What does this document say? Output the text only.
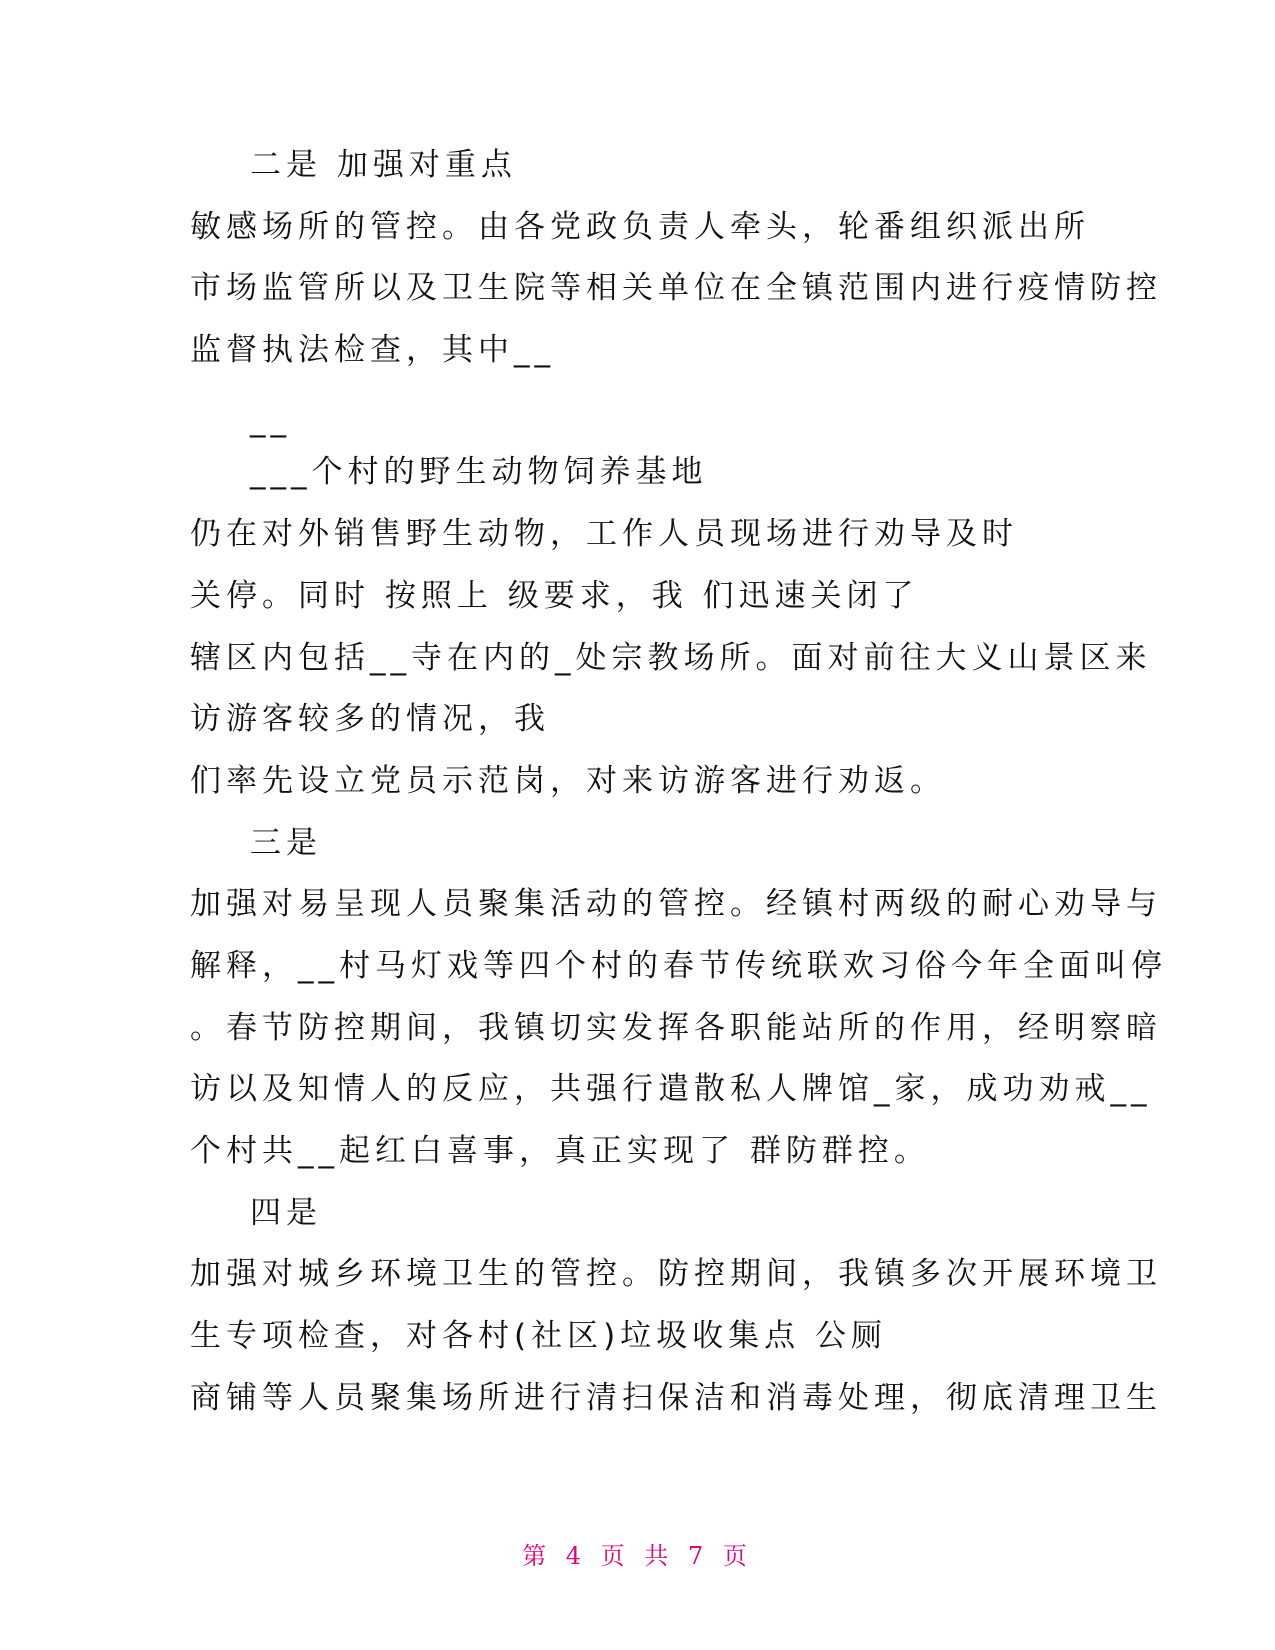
二是 加强对重点
敏感场所的管控。由各党政负责人牵头，轮番组织派出所
市场监管所以及卫生院等相关单位在全镇范围内进行疫情防控
监督执法检查，其中__
__
___个村的野生动物饲养基地
仍在对外销售野生动物，工作人员现场进行劝导及时
关停。同时 按照上 级要求，我 们迅速关闭了
辖区内包括__寺在内的_处宗教场所。面对前往大义山景区来
访游客较多的情况，我
们率先设立党员示范岗，对来访游客进行劝返。
三是
加强对易呈现人员聚集活动的管控。经镇村两级的耐心劝导与
解释，__村马灯戏等四个村的春节传统联欢习俗今年全面叫停
。春节防控期间，我镇切实发挥各职能站所的作用，经明察暗
访以及知情人的反应，共强行遣散私人牌馆_家，成功劝戒__
个村共__起红白喜事，真正实现了 群防群控。
四是
加强对城乡环境卫生的管控。防控期间，我镇多次开展环境卫
生专项检查，对各村(社区)垃圾收集点 公厕
商铺等人员聚集场所进行清扫保洁和消毒处理，彻底清理卫生
第 4 页 共 7 页
